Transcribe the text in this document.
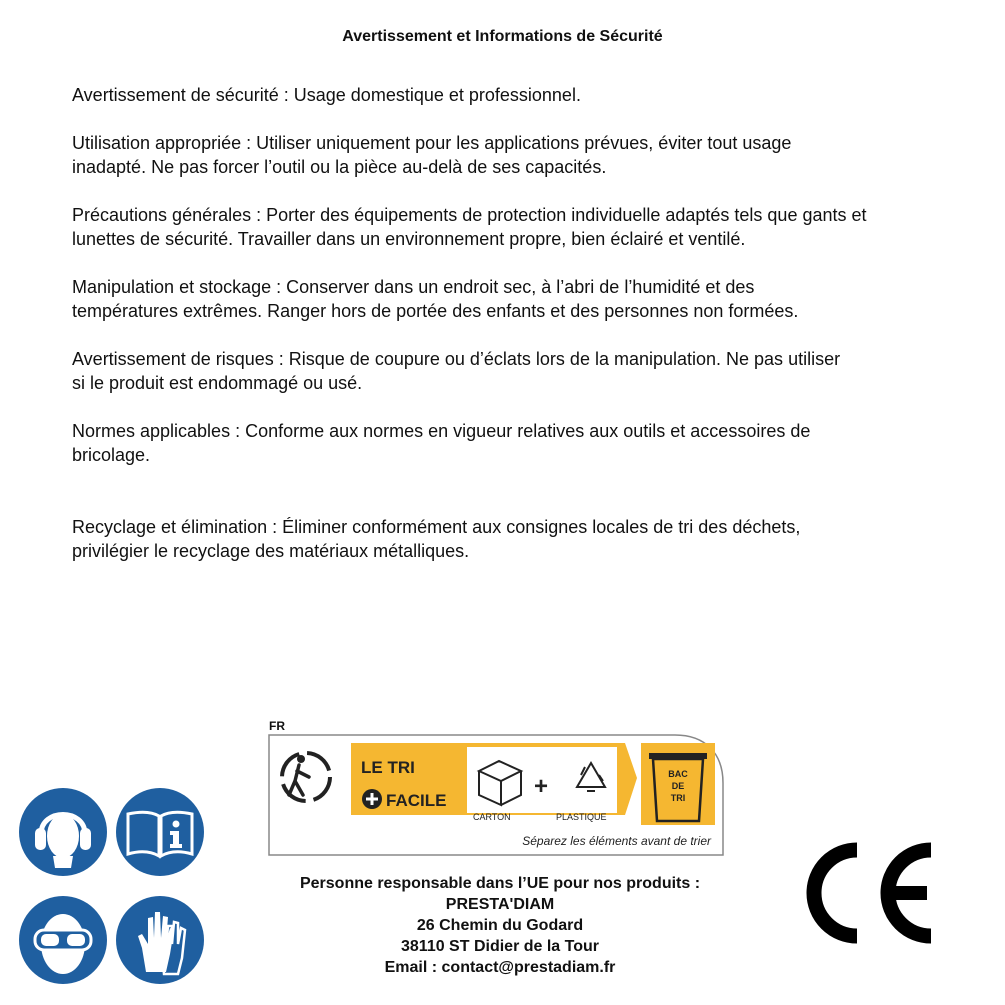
Avertissement et Informations de Sécurité

Avertissement de sécurité : Usage domestique et professionnel.

Utilisation appropriée : Utiliser uniquement pour les applications prévues, éviter tout usage
inadapté. Ne pas forcer l’outil ou la pièce au-delà de ses capacités.

Précautions générales : Porter des équipements de protection individuelle adaptés tels que gants et
lunettes de sécurité. Travailler dans un environnement propre, bien éclairé et ventilé.

Manipulation et stockage : Conserver dans un endroit sec, à l’abri de l’humidité et des
températures extrêmes. Ranger hors de portée des enfants et des personnes non formées.

Avertissement de risques : Risque de coupure ou d’éclats lors de la manipulation. Ne pas utiliser
si le produit est endommagé ou usé.

Normes applicables : Conforme aux normes en vigueur relatives aux outils et accessoires de
bricolage.

Recyclage et élimination : Éliminer conformément aux consignes locales de tri des déchets,
privilégier le recyclage des matériaux métalliques.

FR
LE TRI
FACILE
CARTON
+
PLASTIQUE
BAC
DE
TRI
Séparez les éléments avant de trier
Personne responsable dans l’UE pour nos produits :
PRESTA'DIAM
26 Chemin du Godard
38110 ST Didier de la Tour
Email : contact@prestadiam.fr
